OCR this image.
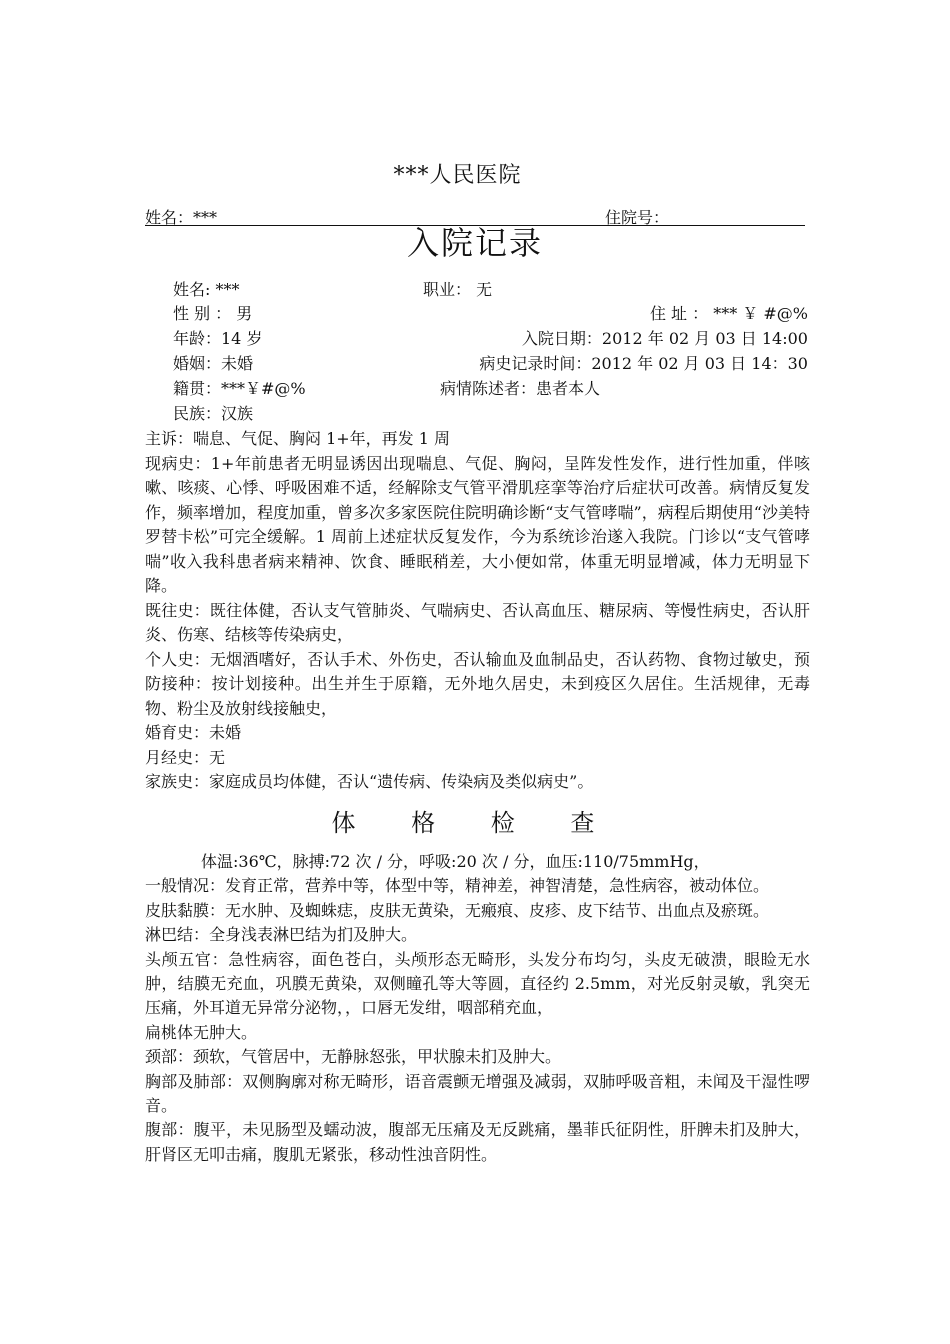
***人民医院
姓名：***	住院号：
入院记录
姓名: ***	职业： 无
性 别 ： 男	住 址 ： *** ￥ #@%
年龄：14 岁	入院日期：2012 年 02 月 03 日 14:00
婚姻：未婚	病史记录时间：2012 年 02 月 03 日 14：30
籍贯：***￥#@%	病情陈述者：患者本人
民族：汉族

主诉：喘息、气促、胸闷 1+年，再发 1 周

现病史：1+年前患者无明显诱因出现喘息、气促、胸闷，呈阵发性发作，进行性加重，伴咳嗽、咳痰、心悸、呼吸困难不适，经解除支气管平滑肌痉挛等治疗后症状可改善。病情反复发作，频率增加，程度加重，曾多次多家医院住院明确诊断“支气管哮喘”，病程后期使用“沙美特罗替卡松”可完全缓解。1 周前上述症状反复发作，今为系统诊治遂入我院。门诊以“支气管哮喘”收入我科患者病来精神、饮食、睡眠稍差，大小便如常，体重无明显增减，体力无明显下降。

既往史：既往体健，否认支气管肺炎、气喘病史、否认高血压、糖尿病、等慢性病史，否认肝炎、伤寒、结核等传染病史，

个人史：无烟酒嗜好，否认手术、外伤史，否认输血及血制品史，否认药物、食物过敏史，预防接种：按计划接种。出生并生于原籍，无外地久居史，未到疫区久居住。生活规律，无毒物、粉尘及放射线接触史，

婚育史：未婚

月经史：无

家族史：家庭成员均体健，否认“遗传病、传染病及类似病史”。

体 格 检 查

体温:36℃，脉搏:72 次 / 分，呼吸:20 次 / 分，血压:110/75mmHg，

一般情况：发育正常，营养中等，体型中等，精神差，神智清楚，急性病容，被动体位。

皮肤黏膜：无水肿、及蜘蛛痣，皮肤无黄染，无瘢痕、皮疹、皮下结节、出血点及瘀斑。

淋巴结：全身浅表淋巴结为扪及肿大。

头颅五官：急性病容，面色苍白，头颅形态无畸形，头发分布均匀，头皮无破溃，眼睑无水肿，结膜无充血，巩膜无黄染，双侧瞳孔等大等圆，直径约 2.5mm，对光反射灵敏，乳突无压痛，外耳道无异常分泌物，，口唇无发绀，咽部稍充血，

扁桃体无肿大。

颈部：颈软，气管居中，无静脉怒张，甲状腺未扪及肿大。

胸部及肺部：双侧胸廓对称无畸形，语音震颤无增强及减弱，双肺呼吸音粗，未闻及干湿性啰音。

腹部：腹平，未见肠型及蠕动波，腹部无压痛及无反跳痛，墨菲氏征阴性，肝脾未扪及肿大，肝肾区无叩击痛，腹肌无紧张，移动性浊音阴性。
